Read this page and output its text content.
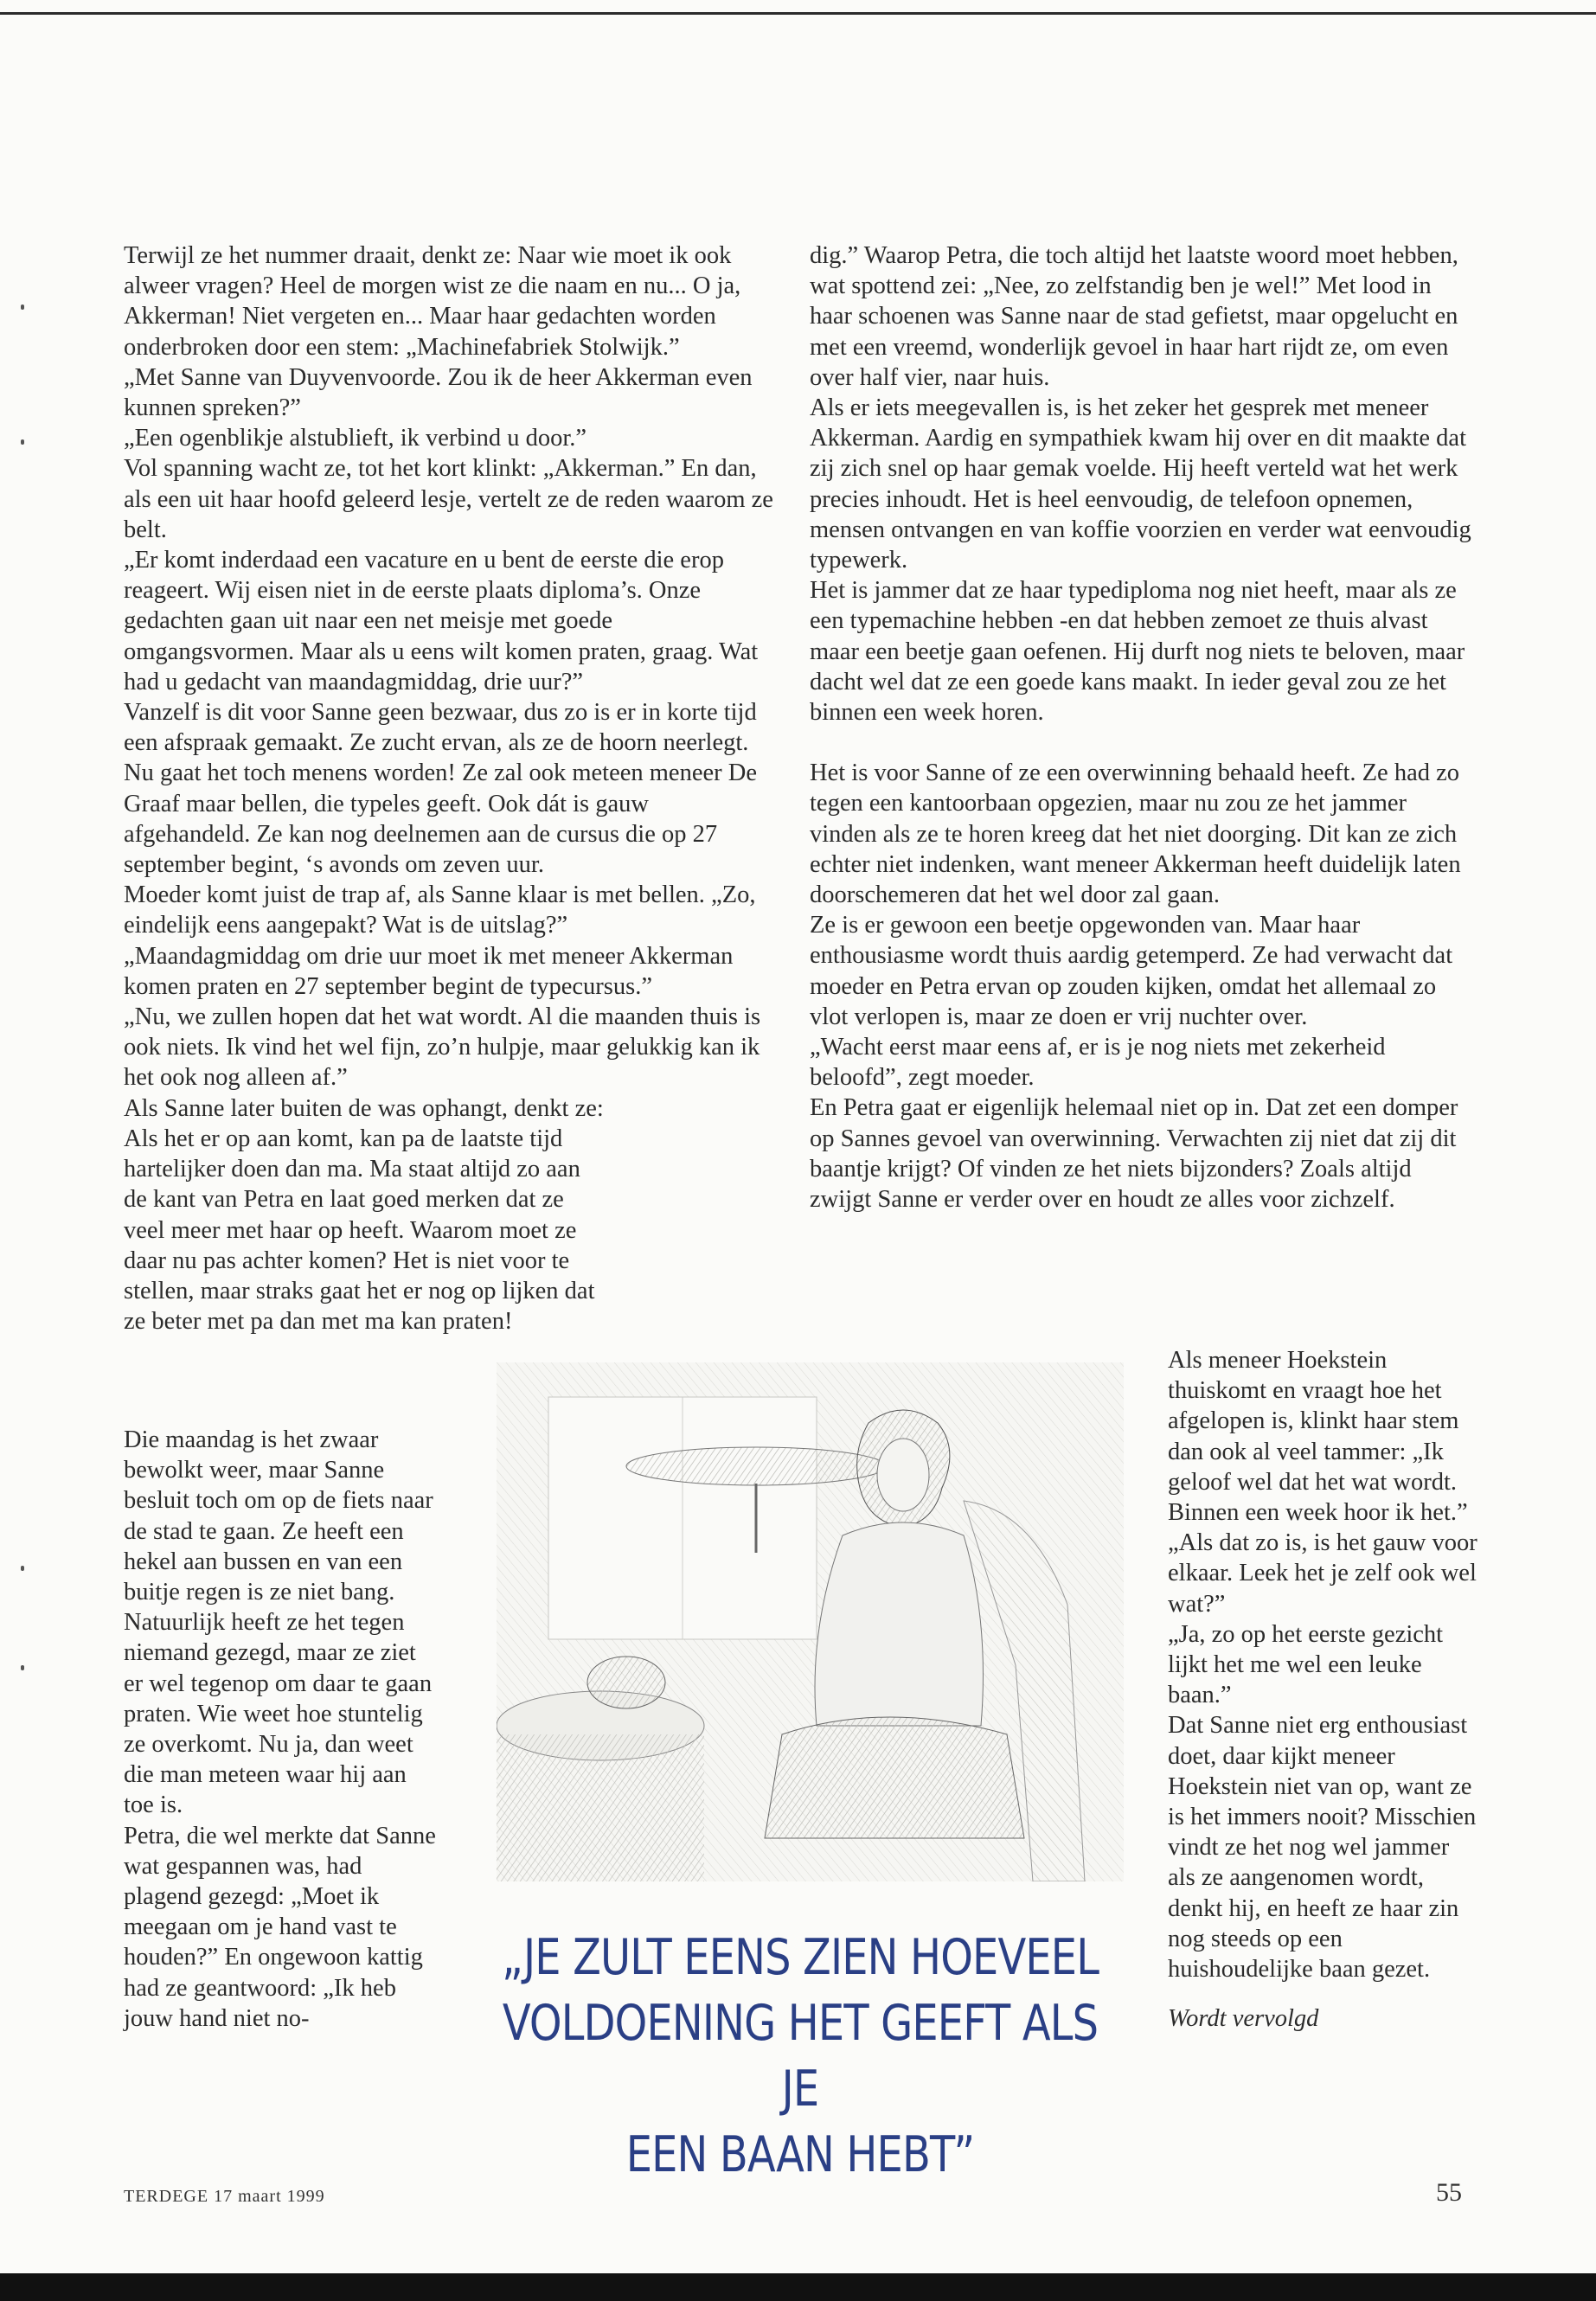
Terwijl ze het nummer draait, denkt ze: Naar wie moet ik ook alweer vragen? Heel de morgen wist ze die naam en nu... O ja, Akkerman! Niet vergeten en... Maar haar gedachten worden onderbroken door een stem: „Machinefabriek Stolwijk.”

„Met Sanne van Duyvenvoorde. Zou ik de heer Akkerman even kunnen spreken?”

„Een ogenblikje alstublieft, ik verbind u door.”

Vol spanning wacht ze, tot het kort klinkt: „Akkerman.” En dan, als een uit haar hoofd geleerd lesje, vertelt ze de reden waarom ze belt.

„Er komt inderdaad een vacature en u bent de eerste die erop reageert. Wij eisen niet in de eerste plaats diploma’s. Onze gedachten gaan uit naar een net meisje met goede omgangsvormen. Maar als u eens wilt komen praten, graag. Wat had u gedacht van maandagmiddag, drie uur?”

Vanzelf is dit voor Sanne geen bezwaar, dus zo is er in korte tijd een afspraak gemaakt. Ze zucht ervan, als ze de hoorn neerlegt. Nu gaat het toch menens worden! Ze zal ook meteen meneer De Graaf maar bellen, die typeles geeft. Ook dát is gauw afgehandeld. Ze kan nog deelnemen aan de cursus die op 27 september begint, ‘s avonds om zeven uur.

Moeder komt juist de trap af, als Sanne klaar is met bellen. „Zo, eindelijk eens aangepakt? Wat is de uitslag?”

„Maandagmiddag om drie uur moet ik met meneer Akkerman komen praten en 27 september begint de typecursus.”

„Nu, we zullen hopen dat het wat wordt. Al die maanden thuis is ook niets. Ik vind het wel fijn, zo’n hulpje, maar gelukkig kan ik het ook nog alleen af.”

Als Sanne later buiten de was ophangt, denkt ze: Als het er op aan komt, kan pa de laatste tijd hartelijker doen dan ma. Ma staat altijd zo aan de kant van Petra en laat goed merken dat ze veel meer met haar op heeft. Waarom moet ze daar nu pas achter komen? Het is niet voor te stellen, maar straks gaat het er nog op lijken dat ze beter met pa dan met ma kan praten!

dig.” Waarop Petra, die toch altijd het laatste woord moet hebben, wat spottend zei: „Nee, zo zelfstandig ben je wel!” Met lood in haar schoenen was Sanne naar de stad gefietst, maar opgelucht en met een vreemd, wonderlijk gevoel in haar hart rijdt ze, om even over half vier, naar huis.

Als er iets meegevallen is, is het zeker het gesprek met meneer Akkerman. Aardig en sympathiek kwam hij over en dit maakte dat zij zich snel op haar gemak voelde. Hij heeft verteld wat het werk precies inhoudt. Het is heel eenvoudig, de telefoon opnemen, mensen ontvangen en van koffie voorzien en verder wat eenvoudig typewerk.

Het is jammer dat ze haar typediploma nog niet heeft, maar als ze een typemachine hebben -en dat hebben zemoet ze thuis alvast maar een beetje gaan oefenen. Hij durft nog niets te beloven, maar dacht wel dat ze een goede kans maakt. In ieder geval zou ze het binnen een week horen.

Het is voor Sanne of ze een overwinning behaald heeft. Ze had zo tegen een kantoorbaan opgezien, maar nu zou ze het jammer vinden als ze te horen kreeg dat het niet doorging. Dit kan ze zich echter niet indenken, want meneer Akkerman heeft duidelijk laten doorschemeren dat het wel door zal gaan.

Ze is er gewoon een beetje opgewonden van. Maar haar enthousiasme wordt thuis aardig getemperd. Ze had verwacht dat moeder en Petra ervan op zouden kijken, omdat het allemaal zo vlot verlopen is, maar ze doen er vrij nuchter over.

„Wacht eerst maar eens af, er is je nog niets met zekerheid beloofd”, zegt moeder.

En Petra gaat er eigenlijk helemaal niet op in. Dat zet een domper op Sannes gevoel van overwinning. Verwachten zij niet dat zij dit baantje krijgt? Of vinden ze het niets bijzonders? Zoals altijd zwijgt Sanne er verder over en houdt ze alles voor zichzelf.

Die maandag is het zwaar bewolkt weer, maar Sanne besluit toch om op de fiets naar de stad te gaan. Ze heeft een hekel aan bussen en van een buitje regen is ze niet bang.

Natuurlijk heeft ze het tegen niemand gezegd, maar ze ziet er wel tegenop om daar te gaan praten. Wie weet hoe stuntelig ze overkomt. Nu ja, dan weet die man meteen waar hij aan toe is.

Petra, die wel merkte dat Sanne wat gespannen was, had plagend gezegd: „Moet ik meegaan om je hand vast te houden?” En ongewoon kattig had ze geantwoord: „Ik heb jouw hand niet no-

Als meneer Hoekstein thuiskomt en vraagt hoe het afgelopen is, klinkt haar stem dan ook al veel tammer: „Ik geloof wel dat het wat wordt. Binnen een week hoor ik het.”

„Als dat zo is, is het gauw voor elkaar. Leek het je zelf ook wel wat?”

„Ja, zo op het eerste gezicht lijkt het me wel een leuke baan.”

Dat Sanne niet erg enthousiast doet, daar kijkt meneer Hoekstein niet van op, want ze is het immers nooit? Misschien vindt ze het nog wel jammer als ze aangenomen wordt, denkt hij, en heeft ze haar zin nog steeds op een huishoudelijke baan gezet.

Wordt vervolgd

„JE ZULT EENS ZIEN HOEVEEL
VOLDOENING HET GEEFT ALS JE
EEN BAAN HEBT”
TERDEGE 17 maart 1999	55
